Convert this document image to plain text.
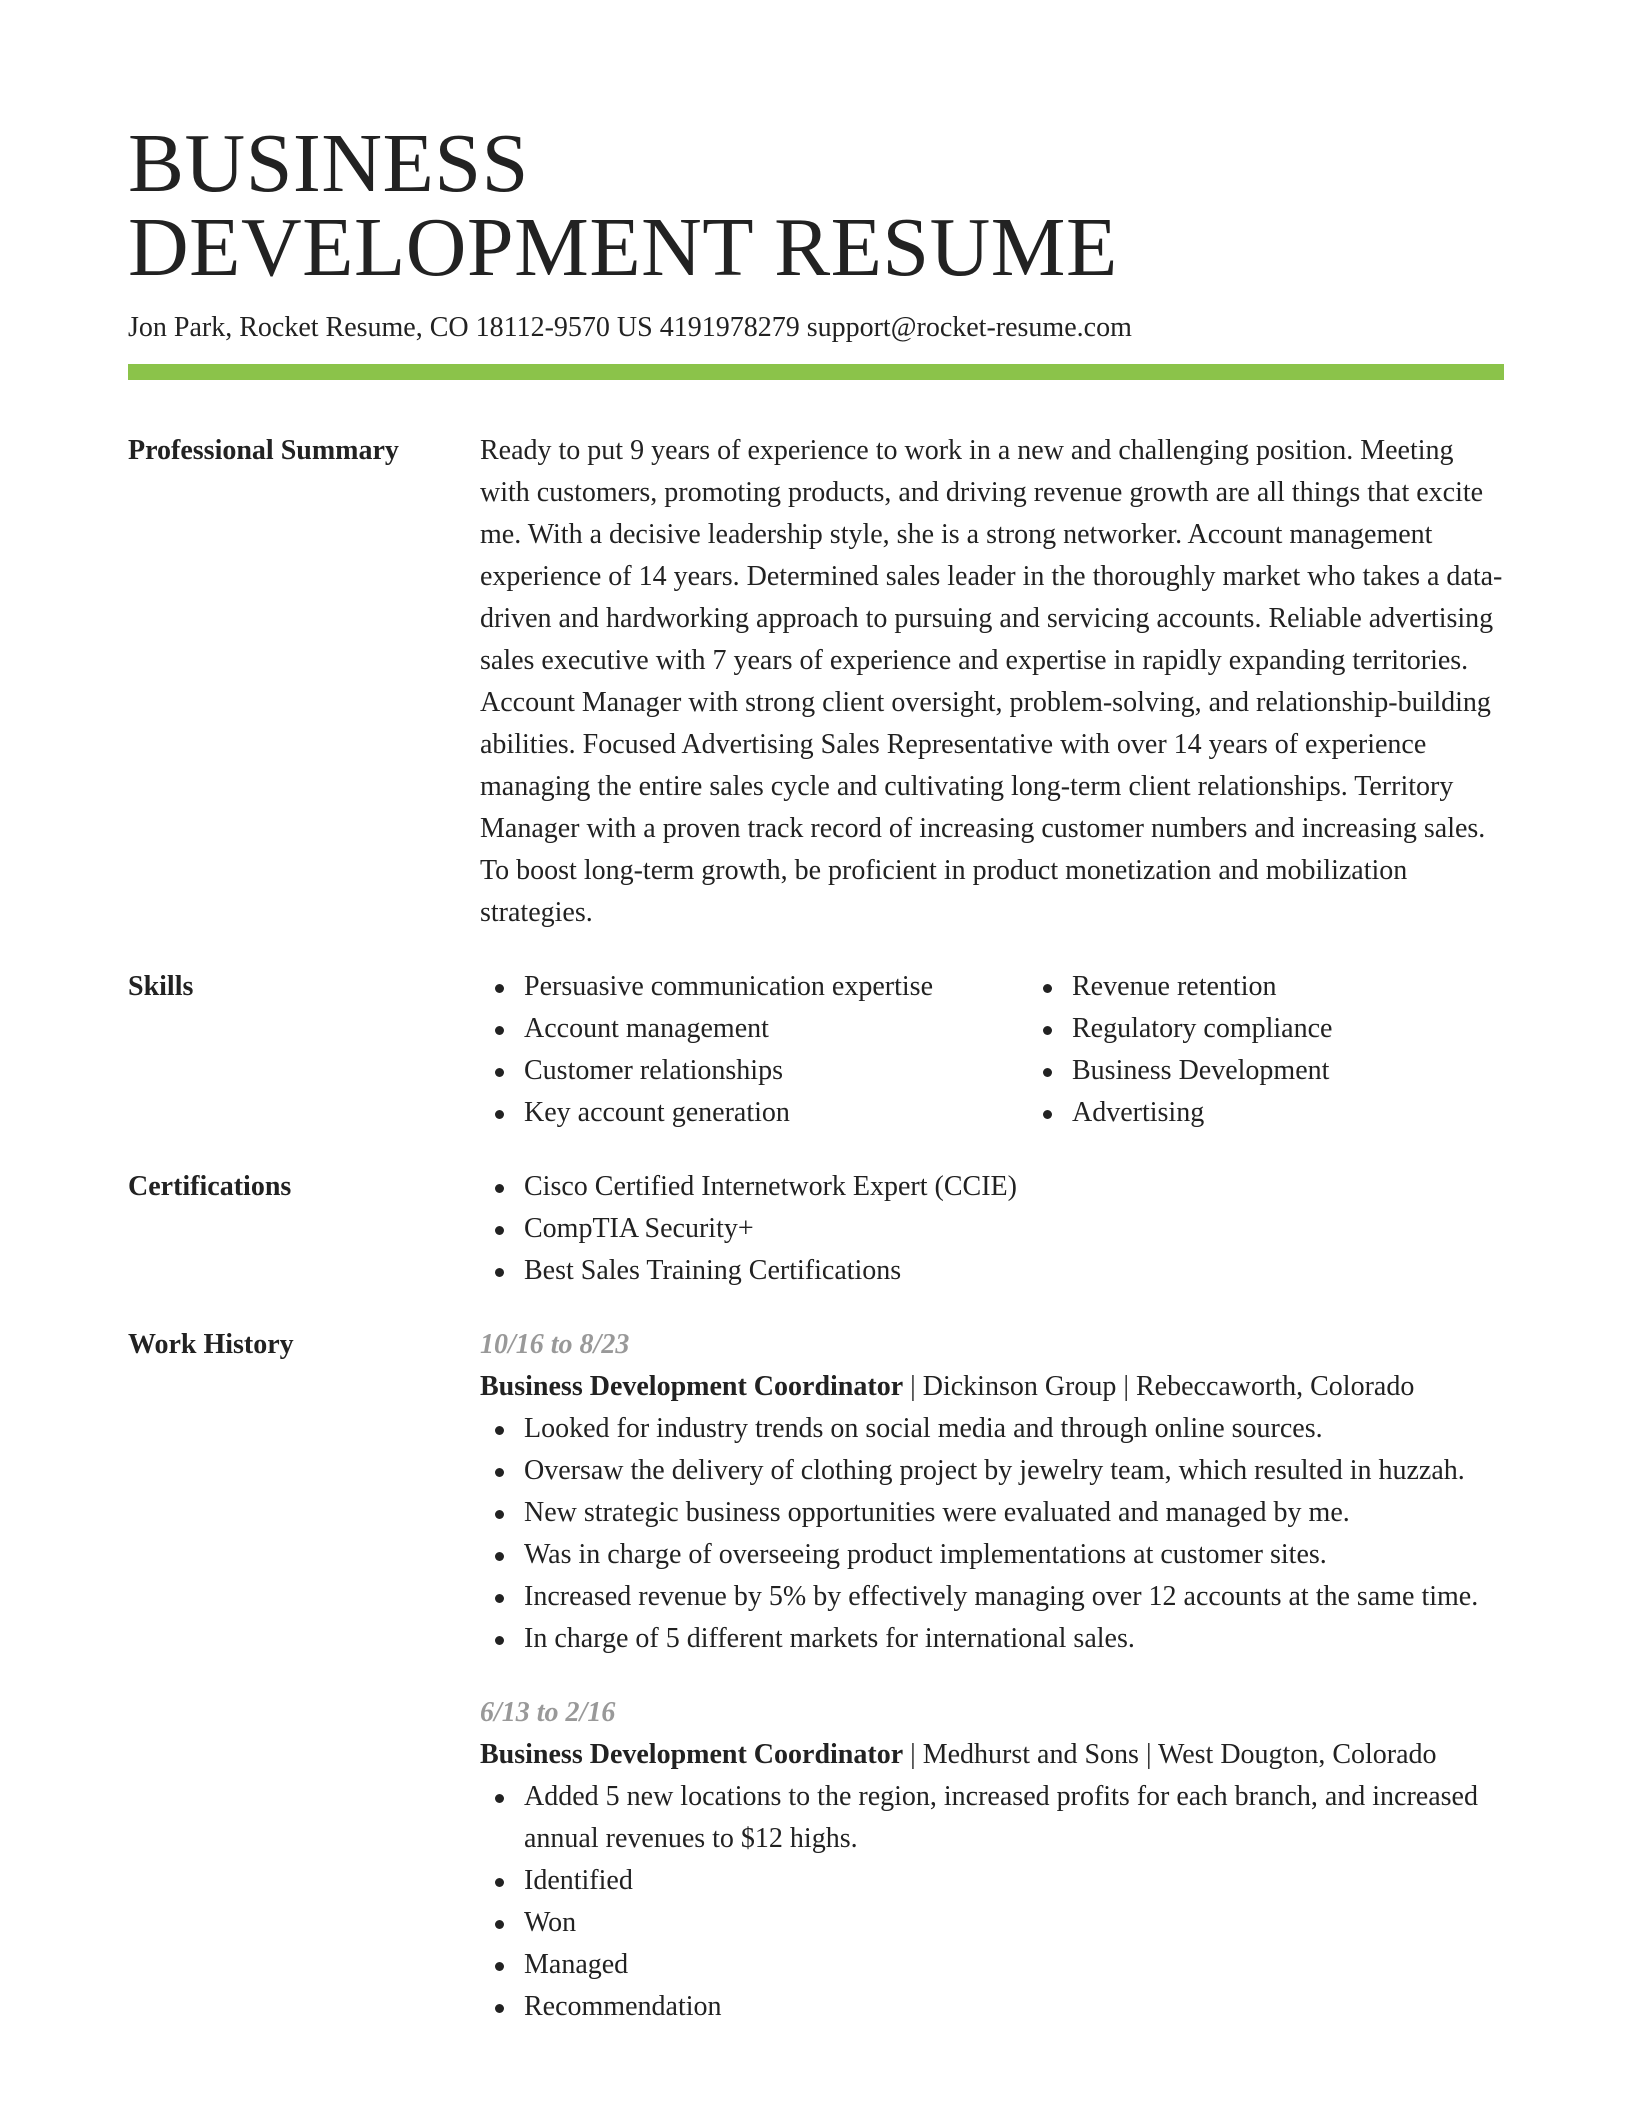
BUSINESS
DEVELOPMENT RESUME
Jon Park, Rocket Resume, CO 18112-9570 US 4191978279 support@rocket-resume.com
Professional Summary	Ready to put 9 years of experience to work in a new and challenging position. Meeting with customers, promoting products, and driving revenue growth are all things that excite me. With a decisive leadership style, she is a strong networker. Account management experience of 14 years. Determined sales leader in the thoroughly market who takes a data-driven and hardworking approach to pursuing and servicing accounts. Reliable advertising sales executive with 7 years of experience and expertise in rapidly expanding territories. Account Manager with strong client oversight, problem-solving, and relationship-building abilities. Focused Advertising Sales Representative with over 14 years of experience managing the entire sales cycle and cultivating long-term client relationships. Territory Manager with a proven track record of increasing customer numbers and increasing sales. To boost long-term growth, be proficient in product monetization and mobilization strategies.
Skills	Persuasive communication expertise
Account management
Customer relationships
Key account generation
Revenue retention
Regulatory compliance
Business Development
Advertising
Certifications	Cisco Certified Internetwork Expert (CCIE)
CompTIA Security+
Best Sales Training Certifications
Work History	10/16 to 8/23
Business Development Coordinator | Dickinson Group | Rebeccaworth, Colorado
Looked for industry trends on social media and through online sources.
Oversaw the delivery of clothing project by jewelry team, which resulted in huzzah.
New strategic business opportunities were evaluated and managed by me.
Was in charge of overseeing product implementations at customer sites.
Increased revenue by 5% by effectively managing over 12 accounts at the same time.
In charge of 5 different markets for international sales.
6/13 to 2/16
Business Development Coordinator | Medhurst and Sons | West Dougton, Colorado
Added 5 new locations to the region, increased profits for each branch, and increased annual revenues to $12 highs.
Identified
Won
Managed
Recommendation
